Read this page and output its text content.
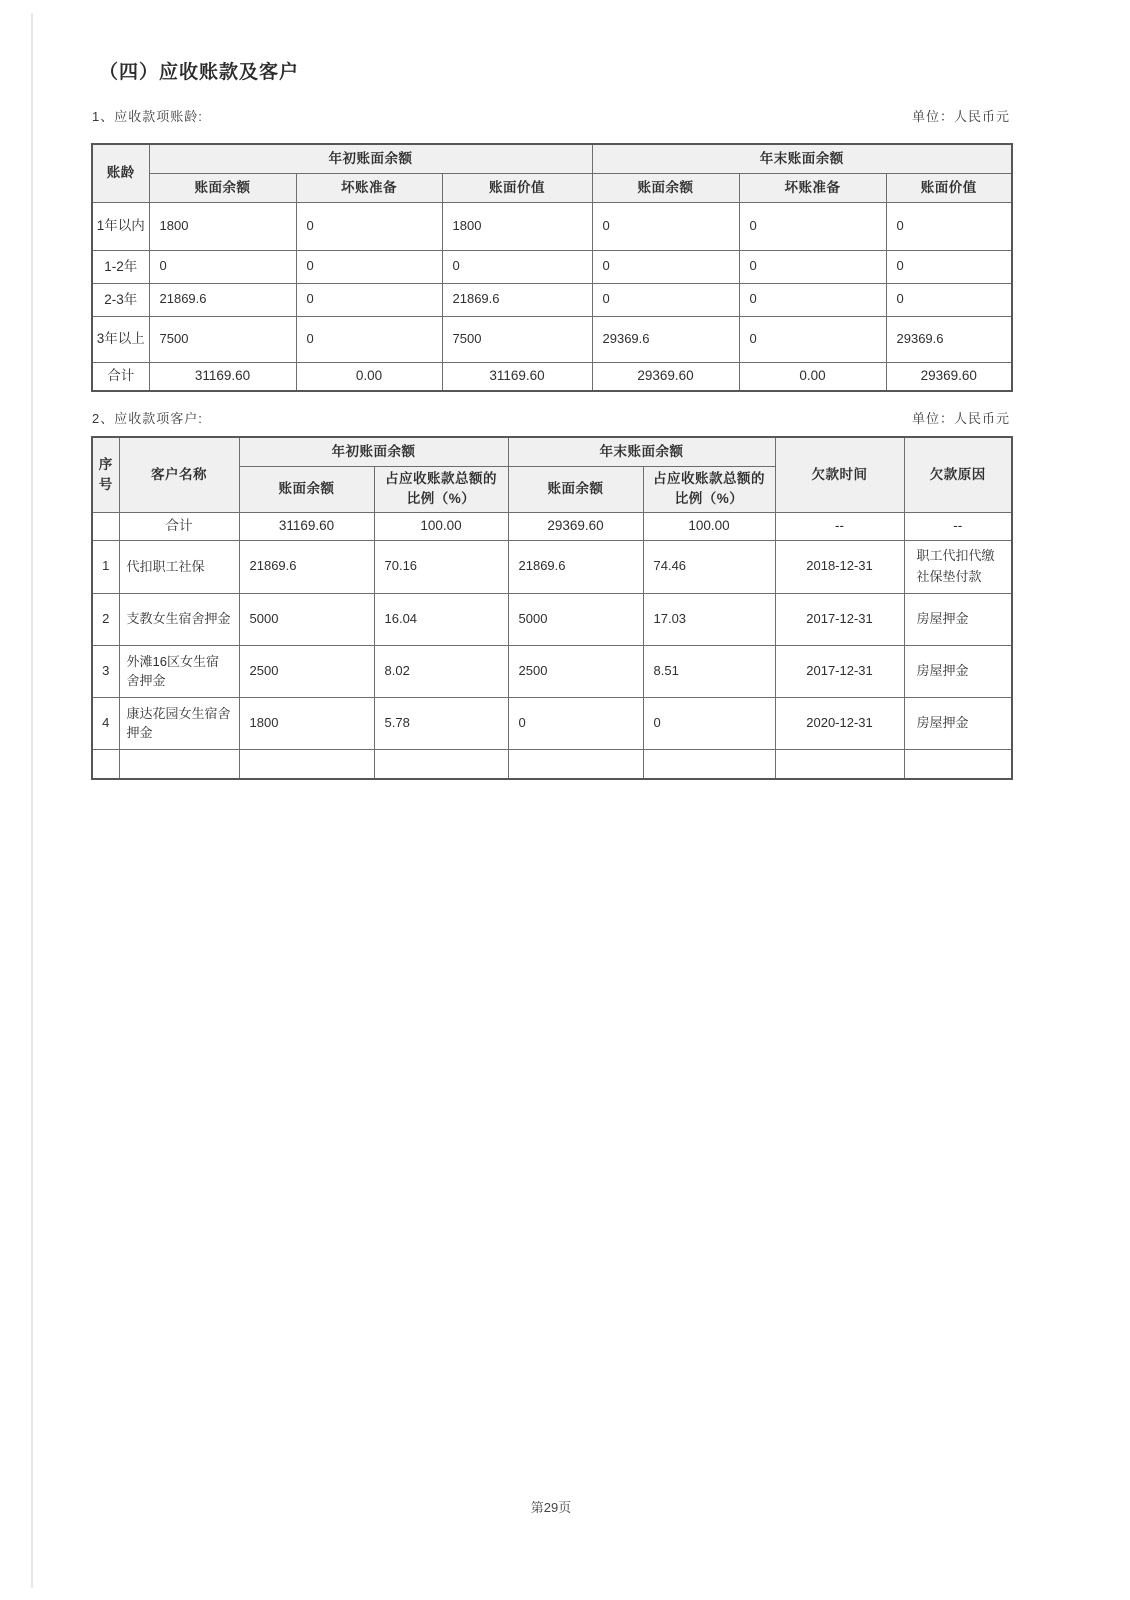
（四）应收账款及客户
1、应收款项账龄:	单位：人民币元
账龄	年初账面余额			年末账面余额		
	账面余额	坏账准备	账面价值	账面余额	坏账准备	账面价值
1年以内	1800	0	1800	0	0	0
1-2年	0	0	0	0	0	0
2-3年	21869.6	0	21869.6	0	0	0
3年以上	7500	0	7500	29369.6	0	29369.6
合计	31169.60	0.00	31169.60	29369.60	0.00	29369.60
2、应收款项客户:	单位：人民币元
序号	客户名称	年初账面余额		年末账面余额		欠款时间	欠款原因
		账面余额	占应收账款总额的比例（%）	账面余额	占应收账款总额的比例（%）		
	合计	31169.60	100.00	29369.60	100.00	--	--
1	代扣职工社保	21869.6	70.16	21869.6	74.46	2018-12-31	职工代扣代缴社保垫付款
2	支教女生宿舍押金	5000	16.04	5000	17.03	2017-12-31	房屋押金
3	外滩16区女生宿舍押金	2500	8.02	2500	8.51	2017-12-31	房屋押金
4	康达花园女生宿舍押金	1800	5.78	0	0	2020-12-31	房屋押金

第29页
